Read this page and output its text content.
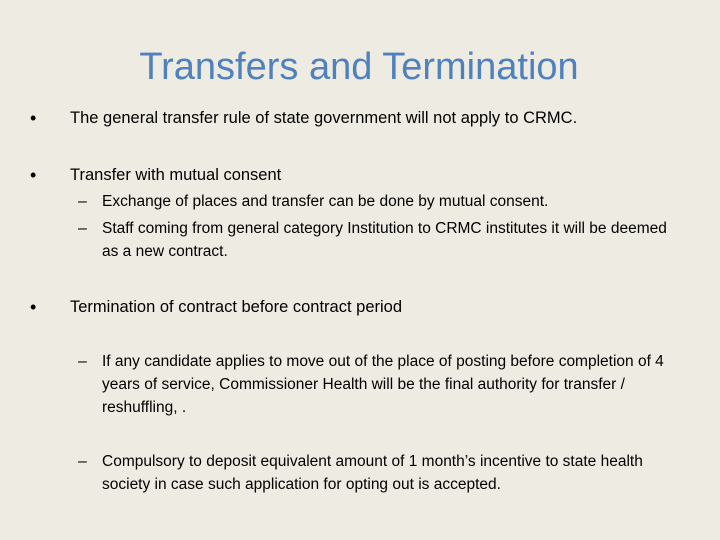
Transfers and Termination
•	The general transfer rule of state government will not apply to CRMC.
•	Transfer with mutual consent
– Exchange of places and transfer can be done by mutual consent.
– Staff coming from general category Institution to CRMC institutes it will be deemed as a new contract.
•	Termination of contract before contract period
– If any candidate applies to move out of the place of posting before completion of 4 years of service, Commissioner Health will be the final authority for transfer / reshuffling, .
– Compulsory to deposit equivalent amount of 1 month’s incentive to state health society in case such application for opting out is accepted.
